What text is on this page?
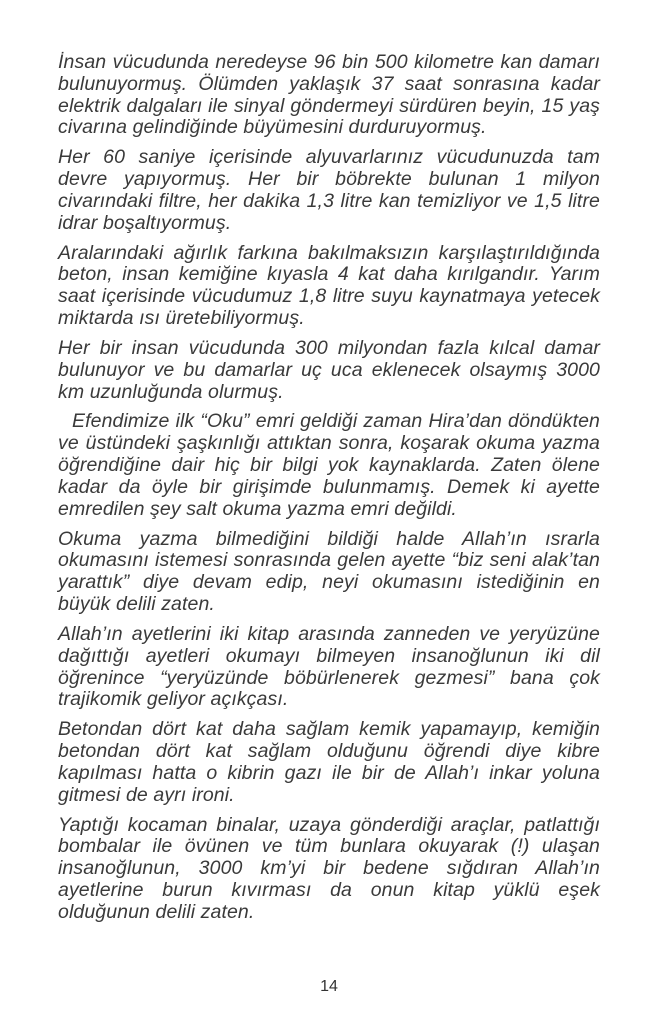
İnsan vücudunda neredeyse 96 bin 500 kilometre kan damarı bulunuyormuş. Ölümden yaklaşık 37 saat sonrasına kadar elektrik dalgaları ile sinyal göndermeyi sürdüren beyin, 15 yaş civarına gelindiğinde büyümesini durduruyormuş.

Her 60 saniye içerisinde alyuvarlarınız vücudunuzda tam devre yapıyormuş. Her bir böbrekte bulunan 1 milyon civarındaki filtre, her dakika 1,3 litre kan temizliyor ve 1,5 litre idrar boşaltıyormuş.

Aralarındaki ağırlık farkına bakılmaksızın karşılaştırıldığında beton, insan kemiğine kıyasla 4 kat daha kırılgandır. Yarım saat içerisinde vücudumuz 1,8 litre suyu kaynatmaya yetecek miktarda ısı üretebiliyormuş.

Her bir insan vücudunda 300 milyondan fazla kılcal damar bulunuyor ve bu damarlar uç uca eklenecek olsaymış 3000 km uzunluğunda olurmuş.

Efendimize ilk “Oku” emri geldiği zaman Hira’dan döndükten ve üstündeki şaşkınlığı attıktan sonra, koşarak okuma yazma öğrendiğine dair hiç bir bilgi yok kaynaklarda. Zaten ölene kadar da öyle bir girişimde bulunmamış. Demek ki ayette emredilen şey salt okuma yazma emri değildi.

Okuma yazma bilmediğini bildiği halde Allah’ın ısrarla okumasını istemesi sonrasında gelen ayette “biz seni alak’tan yarattık” diye devam edip, neyi okumasını istediğinin en büyük delili zaten.

Allah’ın ayetlerini iki kitap arasında zanneden ve yeryüzüne dağıttığı ayetleri okumayı bilmeyen insanoğlunun iki dil öğrenince “yeryüzünde böbürlenerek gezmesi” bana çok trajikomik geliyor açıkçası.

Betondan dört kat daha sağlam kemik yapamayıp, kemiğin betondan dört kat sağlam olduğunu öğrendi diye kibre kapılması hatta o kibrin gazı ile bir de Allah’ı inkar yoluna gitmesi de ayrı ironi.

Yaptığı kocaman binalar, uzaya gönderdiği araçlar, patlattığı bombalar ile övünen ve tüm bunlara okuyarak (!) ulaşan insanoğlunun, 3000 km’yi bir bedene sığdıran Allah’ın ayetlerine burun kıvırması da onun kitap yüklü eşek olduğunun delili zaten.

14
